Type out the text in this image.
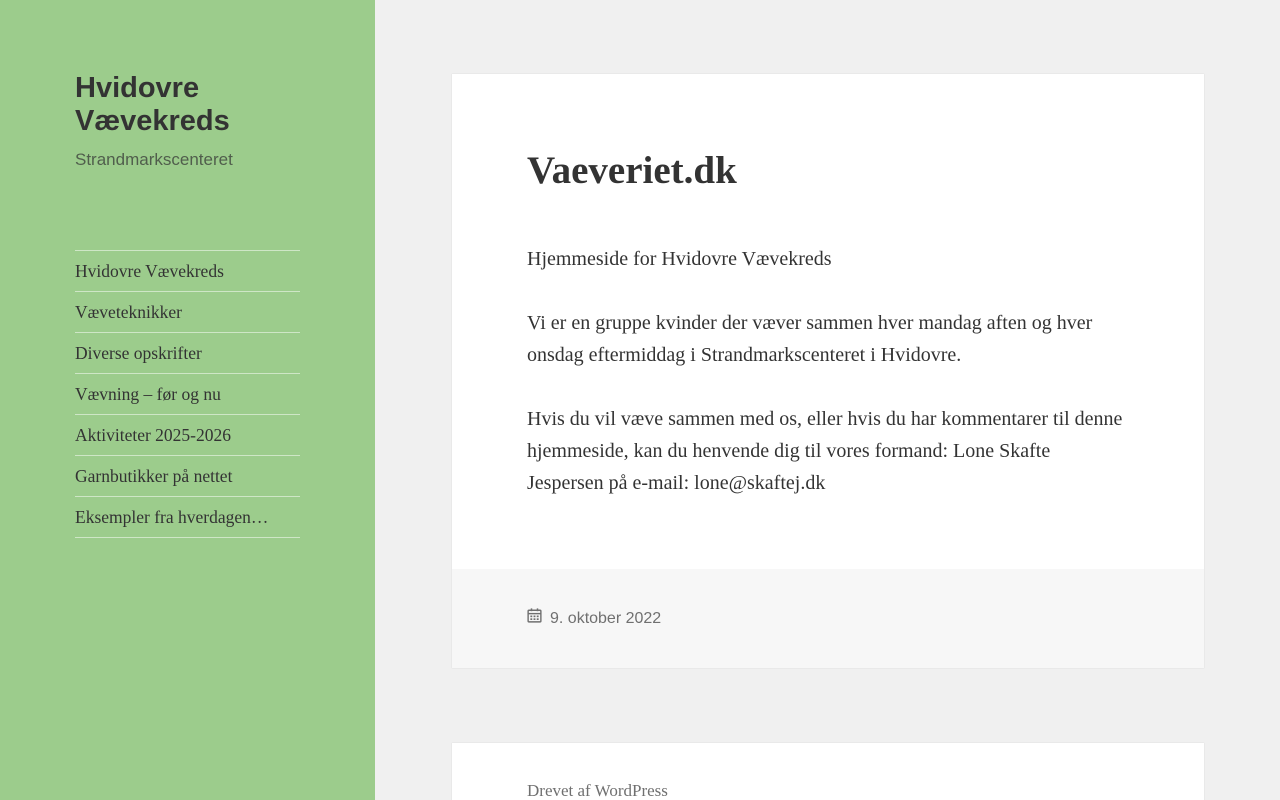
Hvidovre Vævekreds

Strandmarkscenteret

Hvidovre Vævekreds
Væveteknikker
Diverse opskrifter
Vævning – før og nu
Aktiviteter 2025-2026
Garnbutikker på nettet
Eksempler fra hverdagen…
Vaeveriet.dk

Hjemmeside for Hvidovre Vævekreds

Vi er en gruppe kvinder der væver sammen hver mandag aften og hver onsdag eftermiddag i Strandmarkscenteret i Hvidovre.

Hvis du vil væve sammen med os, eller hvis du har kommentarer til denne hjemmeside, kan du henvende dig til vores formand: Lone Skafte Jespersen på e-mail: lone@skaftej.dk

9. oktober 2022
Drevet af WordPress
